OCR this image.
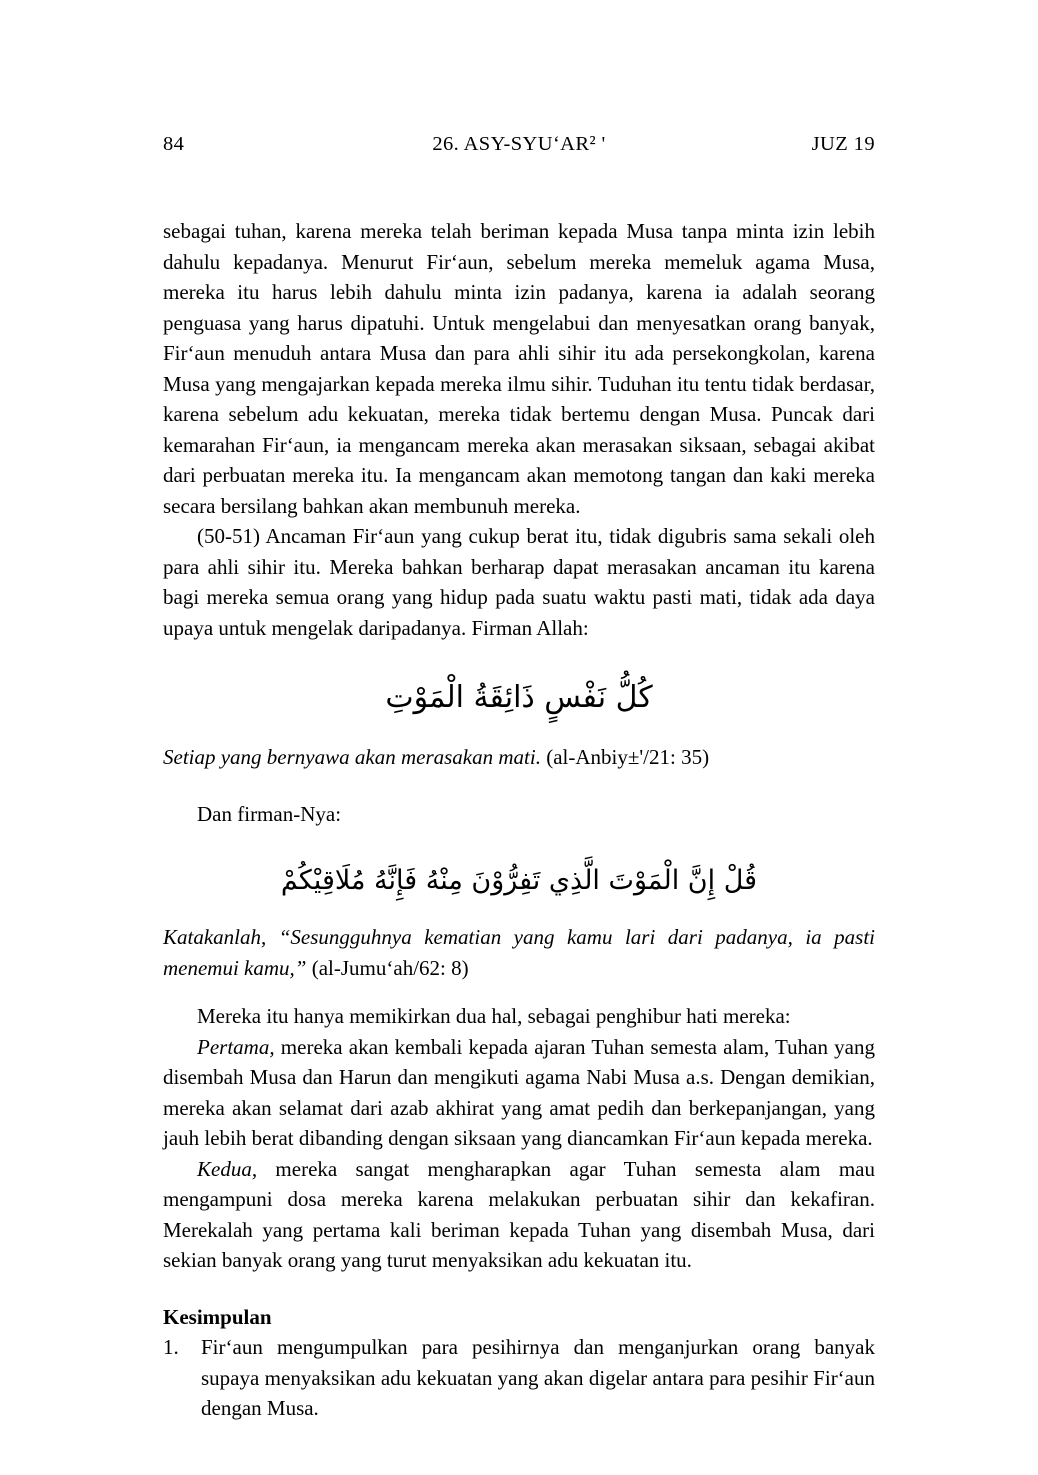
84	26. ASY-SYU‘AR² '	JUZ 19

sebagai tuhan, karena mereka telah beriman kepada Musa tanpa minta izin lebih dahulu kepadanya. Menurut Fir‘aun, sebelum mereka memeluk agama Musa, mereka itu harus lebih dahulu minta izin padanya, karena ia adalah seorang penguasa yang harus dipatuhi. Untuk mengelabui dan menyesatkan orang banyak, Fir‘aun menuduh antara Musa dan para ahli sihir itu ada persekongkolan, karena Musa yang mengajarkan kepada mereka ilmu sihir. Tuduhan itu tentu tidak berdasar, karena sebelum adu kekuatan, mereka tidak bertemu dengan Musa. Puncak dari kemarahan Fir‘aun, ia mengancam mereka akan merasakan siksaan, sebagai akibat dari perbuatan mereka itu. Ia mengancam akan memotong tangan dan kaki mereka secara bersilang bahkan akan membunuh mereka.

(50-51) Ancaman Fir‘aun yang cukup berat itu, tidak digubris sama sekali oleh para ahli sihir itu. Mereka bahkan berharap dapat merasakan ancaman itu karena bagi mereka semua orang yang hidup pada suatu waktu pasti mati, tidak ada daya upaya untuk mengelak daripadanya. Firman Allah:

كُلُّ نَفْسٍ ذَائِقَةُ الْمَوْتِ

Setiap yang bernyawa akan merasakan mati. (al-Anbiy±'/21: 35)

Dan firman-Nya:

قُلْ إِنَّ الْمَوْتَ الَّذِي تَفِرُّوْنَ مِنْهُ فَإِنَّهُ مُلَاقِيْكُمْ

Katakanlah, “Sesungguhnya kematian yang kamu lari dari padanya, ia pasti menemui kamu,” (al-Jumu‘ah/62: 8)

Mereka itu hanya memikirkan dua hal, sebagai penghibur hati mereka:

Pertama, mereka akan kembali kepada ajaran Tuhan semesta alam, Tuhan yang disembah Musa dan Harun dan mengikuti agama Nabi Musa a.s. Dengan demikian, mereka akan selamat dari azab akhirat yang amat pedih dan berkepanjangan, yang jauh lebih berat dibanding dengan siksaan yang diancamkan Fir‘aun kepada mereka.

Kedua, mereka sangat mengharapkan agar Tuhan semesta alam mau mengampuni dosa mereka karena melakukan perbuatan sihir dan kekafiran. Merekalah yang pertama kali beriman kepada Tuhan yang disembah Musa, dari sekian banyak orang yang turut menyaksikan adu kekuatan itu.

Kesimpulan

1.	Fir‘aun mengumpulkan para pesihirnya dan menganjurkan orang banyak supaya menyaksikan adu kekuatan yang akan digelar antara para pesihir Fir‘aun dengan Musa.
